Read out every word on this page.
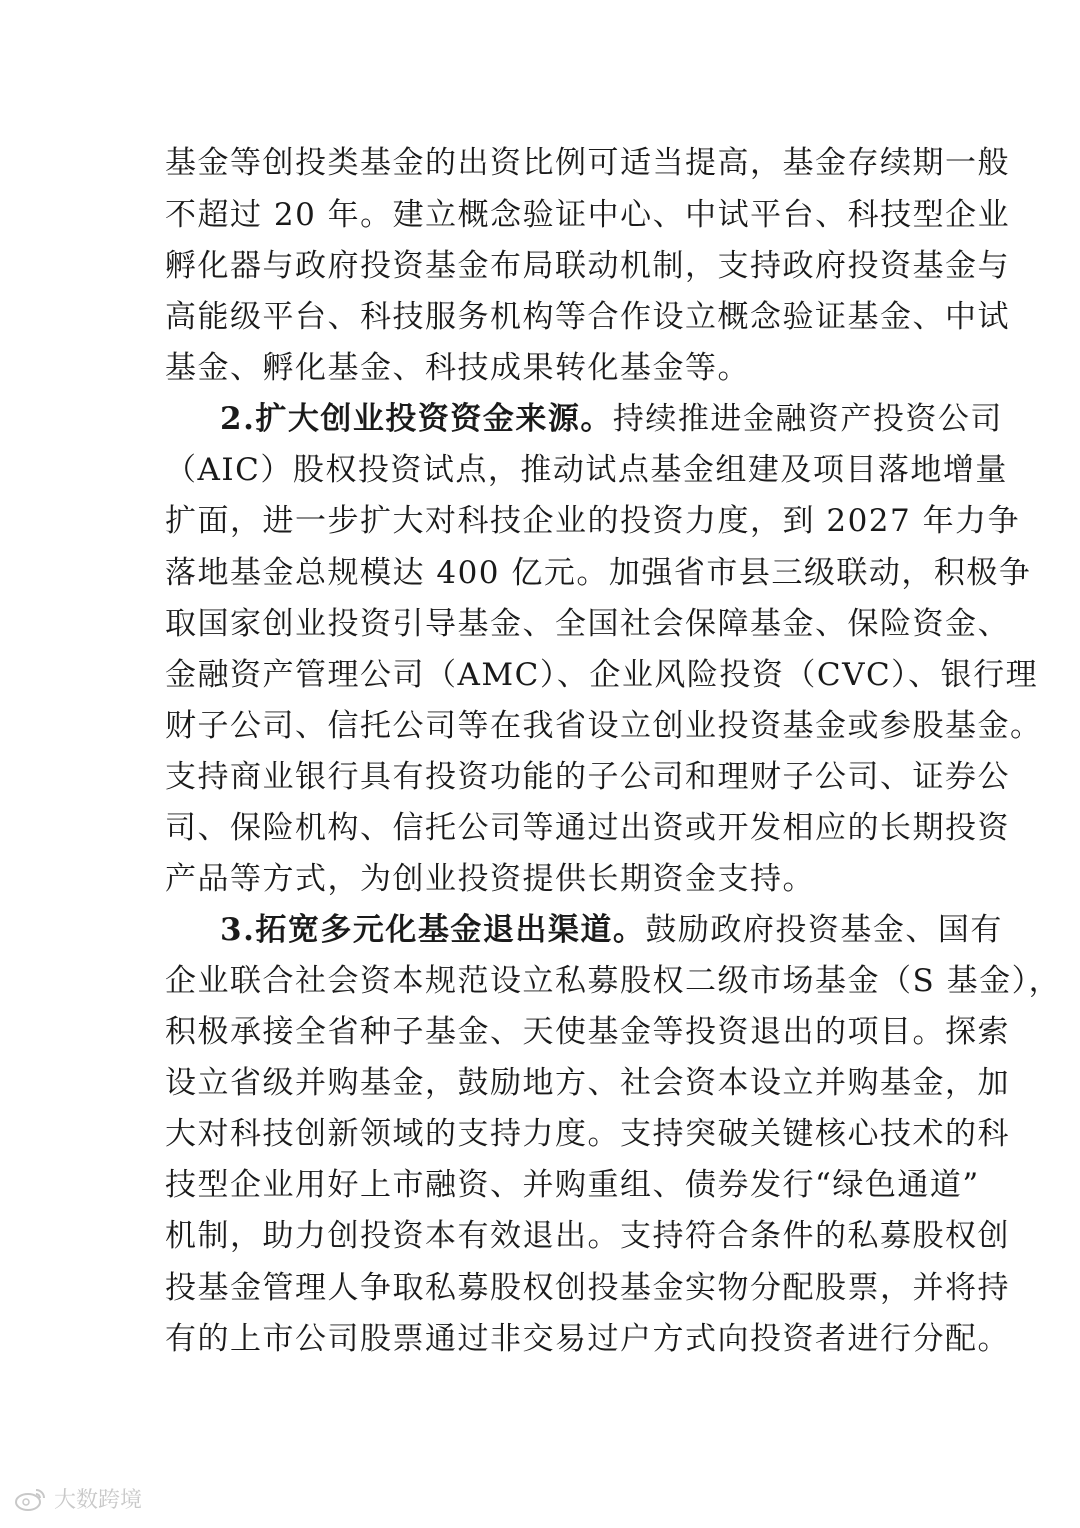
基金等创投类基金的出资比例可适当提高，基金存续期一般
不超过 20 年。建立概念验证中心、中试平台、科技型企业
孵化器与政府投资基金布局联动机制，支持政府投资基金与
高能级平台、科技服务机构等合作设立概念验证基金、中试
基金、孵化基金、科技成果转化基金等。
2.扩大创业投资资金来源。持续推进金融资产投资公司
（AIC）股权投资试点，推动试点基金组建及项目落地增量
扩面，进一步扩大对科技企业的投资力度，到 2027 年力争
落地基金总规模达 400 亿元。加强省市县三级联动，积极争
取国家创业投资引导基金、全国社会保障基金、保险资金、
金融资产管理公司（AMC）、企业风险投资（CVC）、银行理
财子公司、信托公司等在我省设立创业投资基金或参股基金。
支持商业银行具有投资功能的子公司和理财子公司、证券公
司、保险机构、信托公司等通过出资或开发相应的长期投资
产品等方式，为创业投资提供长期资金支持。
3.拓宽多元化基金退出渠道。鼓励政府投资基金、国有
企业联合社会资本规范设立私募股权二级市场基金（S 基金），
积极承接全省种子基金、天使基金等投资退出的项目。探索
设立省级并购基金，鼓励地方、社会资本设立并购基金，加
大对科技创新领域的支持力度。支持突破关键核心技术的科
技型企业用好上市融资、并购重组、债券发行“绿色通道”
机制，助力创投资本有效退出。支持符合条件的私募股权创
投基金管理人争取私募股权创投基金实物分配股票，并将持
有的上市公司股票通过非交易过户方式向投资者进行分配。
大数跨境
